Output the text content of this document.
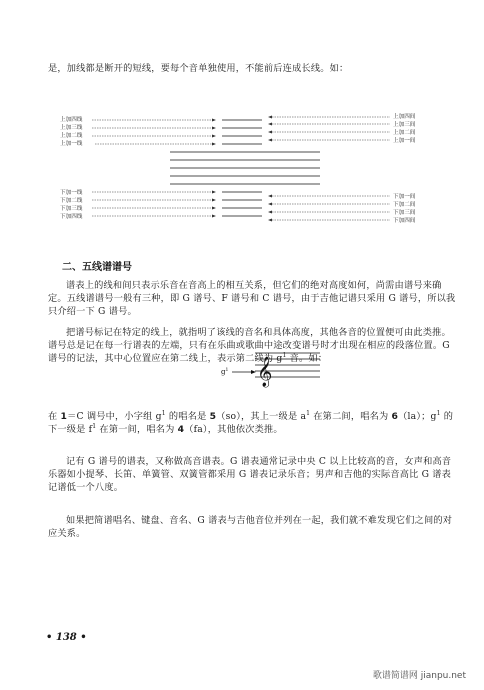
是，加线都是断开的短线，要每个音单独使用，不能前后连成长线。如：

上加四线
上加三线
上加二线
上加一线
上加四间
上加三间
上加二间
上加一间
下加一线
下加二线
下加三线
下加四线
下加一间
下加二间
下加三间
下加四间
𝄞
$g^1$
二、五线谱谱号

谱表上的线和间只表示乐音在音高上的相互关系，但它们的绝对高度如何，尚需由谱号来确定。五线谱谱号一般有三种，即 G 谱号、F 谱号和 C 谱号，由于吉他记谱只采用 G 谱号，所以我只介绍一下 G 谱号。

把谱号标记在特定的线上，就指明了该线的音名和具体高度，其他各音的位置便可由此类推。谱号总是记在每一行谱表的左端，只有在乐曲或歌曲中途改变谱号时才出现在相应的段落位置。G 谱号的记法，其中心位置应在第二线上，表示第二线为 $g^1$ 音。如：

在 1＝C 调号中，小字组 $g^1$ 的唱名是 5（so），其上一级是 $a^1$ 在第二间，唱名为 6（la）；$g^1$ 的下一级是 $f^1$ 在第一间，唱名为 4（fa），其他依次类推。

记有 G 谱号的谱表，又称做高音谱表。G 谱表通常记录中央 C 以上比较高的音，女声和高音乐器如小提琴、长笛、单簧管、双簧管都采用 G 谱表记录乐音；男声和吉他的实际音高比 G 谱表记谱低一个八度。

如果把简谱唱名、键盘、音名、G 谱表与吉他音位并列在一起，我们就不难发现它们之间的对应关系。

• 138 •
歌谱简谱网 jianpu.net
